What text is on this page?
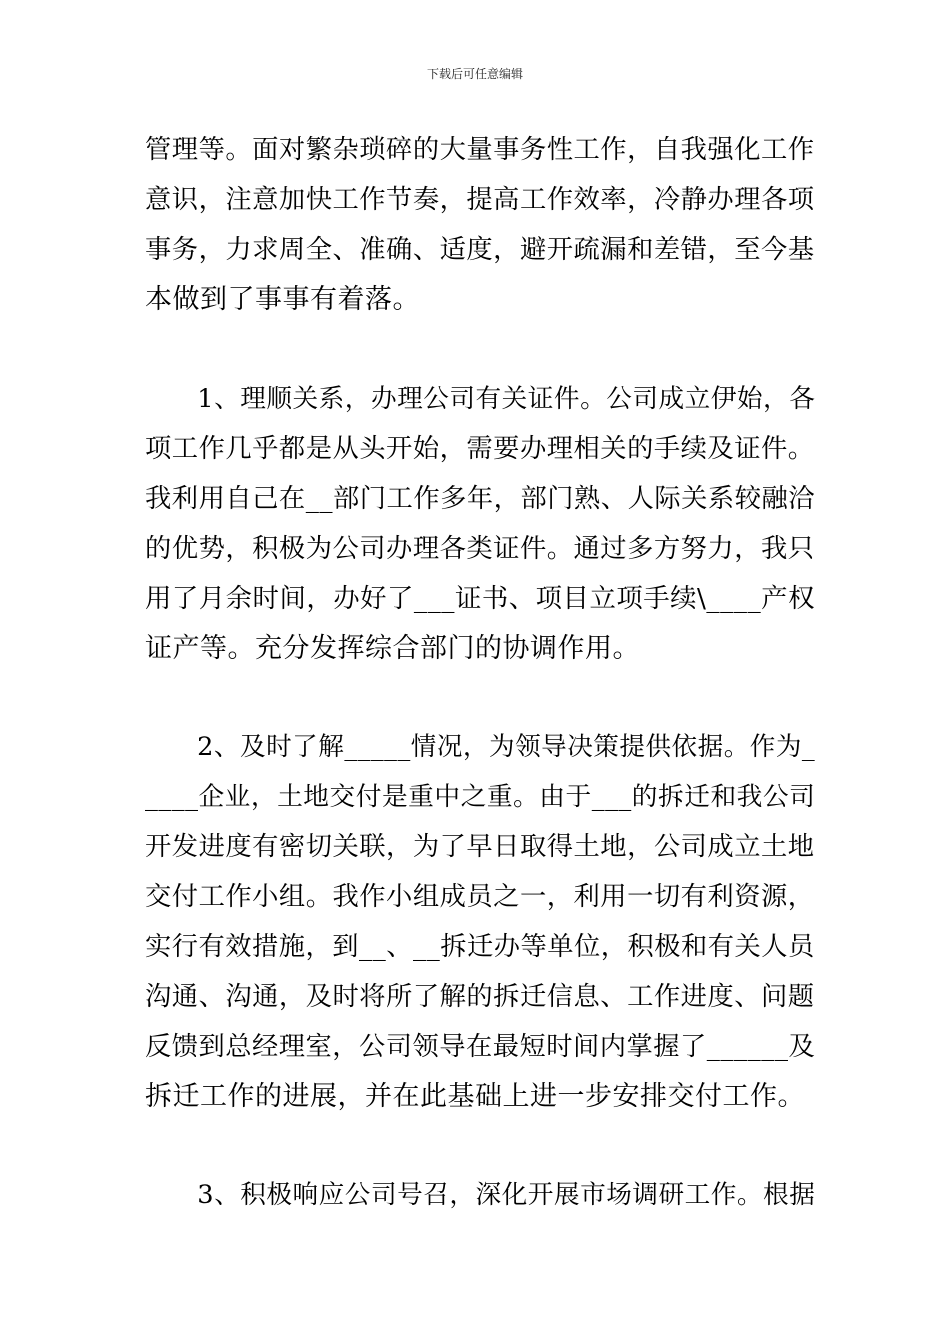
下载后可任意编辑
管理等。面对繁杂琐碎的大量事务性工作，自我强化工作
意识，注意加快工作节奏，提高工作效率，冷静办理各项
事务，力求周全、准确、适度，避开疏漏和差错，至今基
本做到了事事有着落。
　　1、理顺关系，办理公司有关证件。公司成立伊始，各
项工作几乎都是从头开始，需要办理相关的手续及证件。
我利用自己在__部门工作多年，部门熟、人际关系较融洽
的优势，积极为公司办理各类证件。通过多方努力，我只
用了月余时间，办好了___证书、项目立项手续\____产权
证产等。充分发挥综合部门的协调作用。
　　2、及时了解_____情况，为领导决策提供依据。作为_
____企业，土地交付是重中之重。由于___的拆迁和我公司
开发进度有密切关联，为了早日取得土地，公司成立土地
交付工作小组。我作小组成员之一，利用一切有利资源，
实行有效措施，到__、__拆迁办等单位，积极和有关人员
沟通、沟通，及时将所了解的拆迁信息、工作进度、问题
反馈到总经理室，公司领导在最短时间内掌握了______及
拆迁工作的进展，并在此基础上进一步安排交付工作。
　　3、积极响应公司号召，深化开展市场调研工作。根据
